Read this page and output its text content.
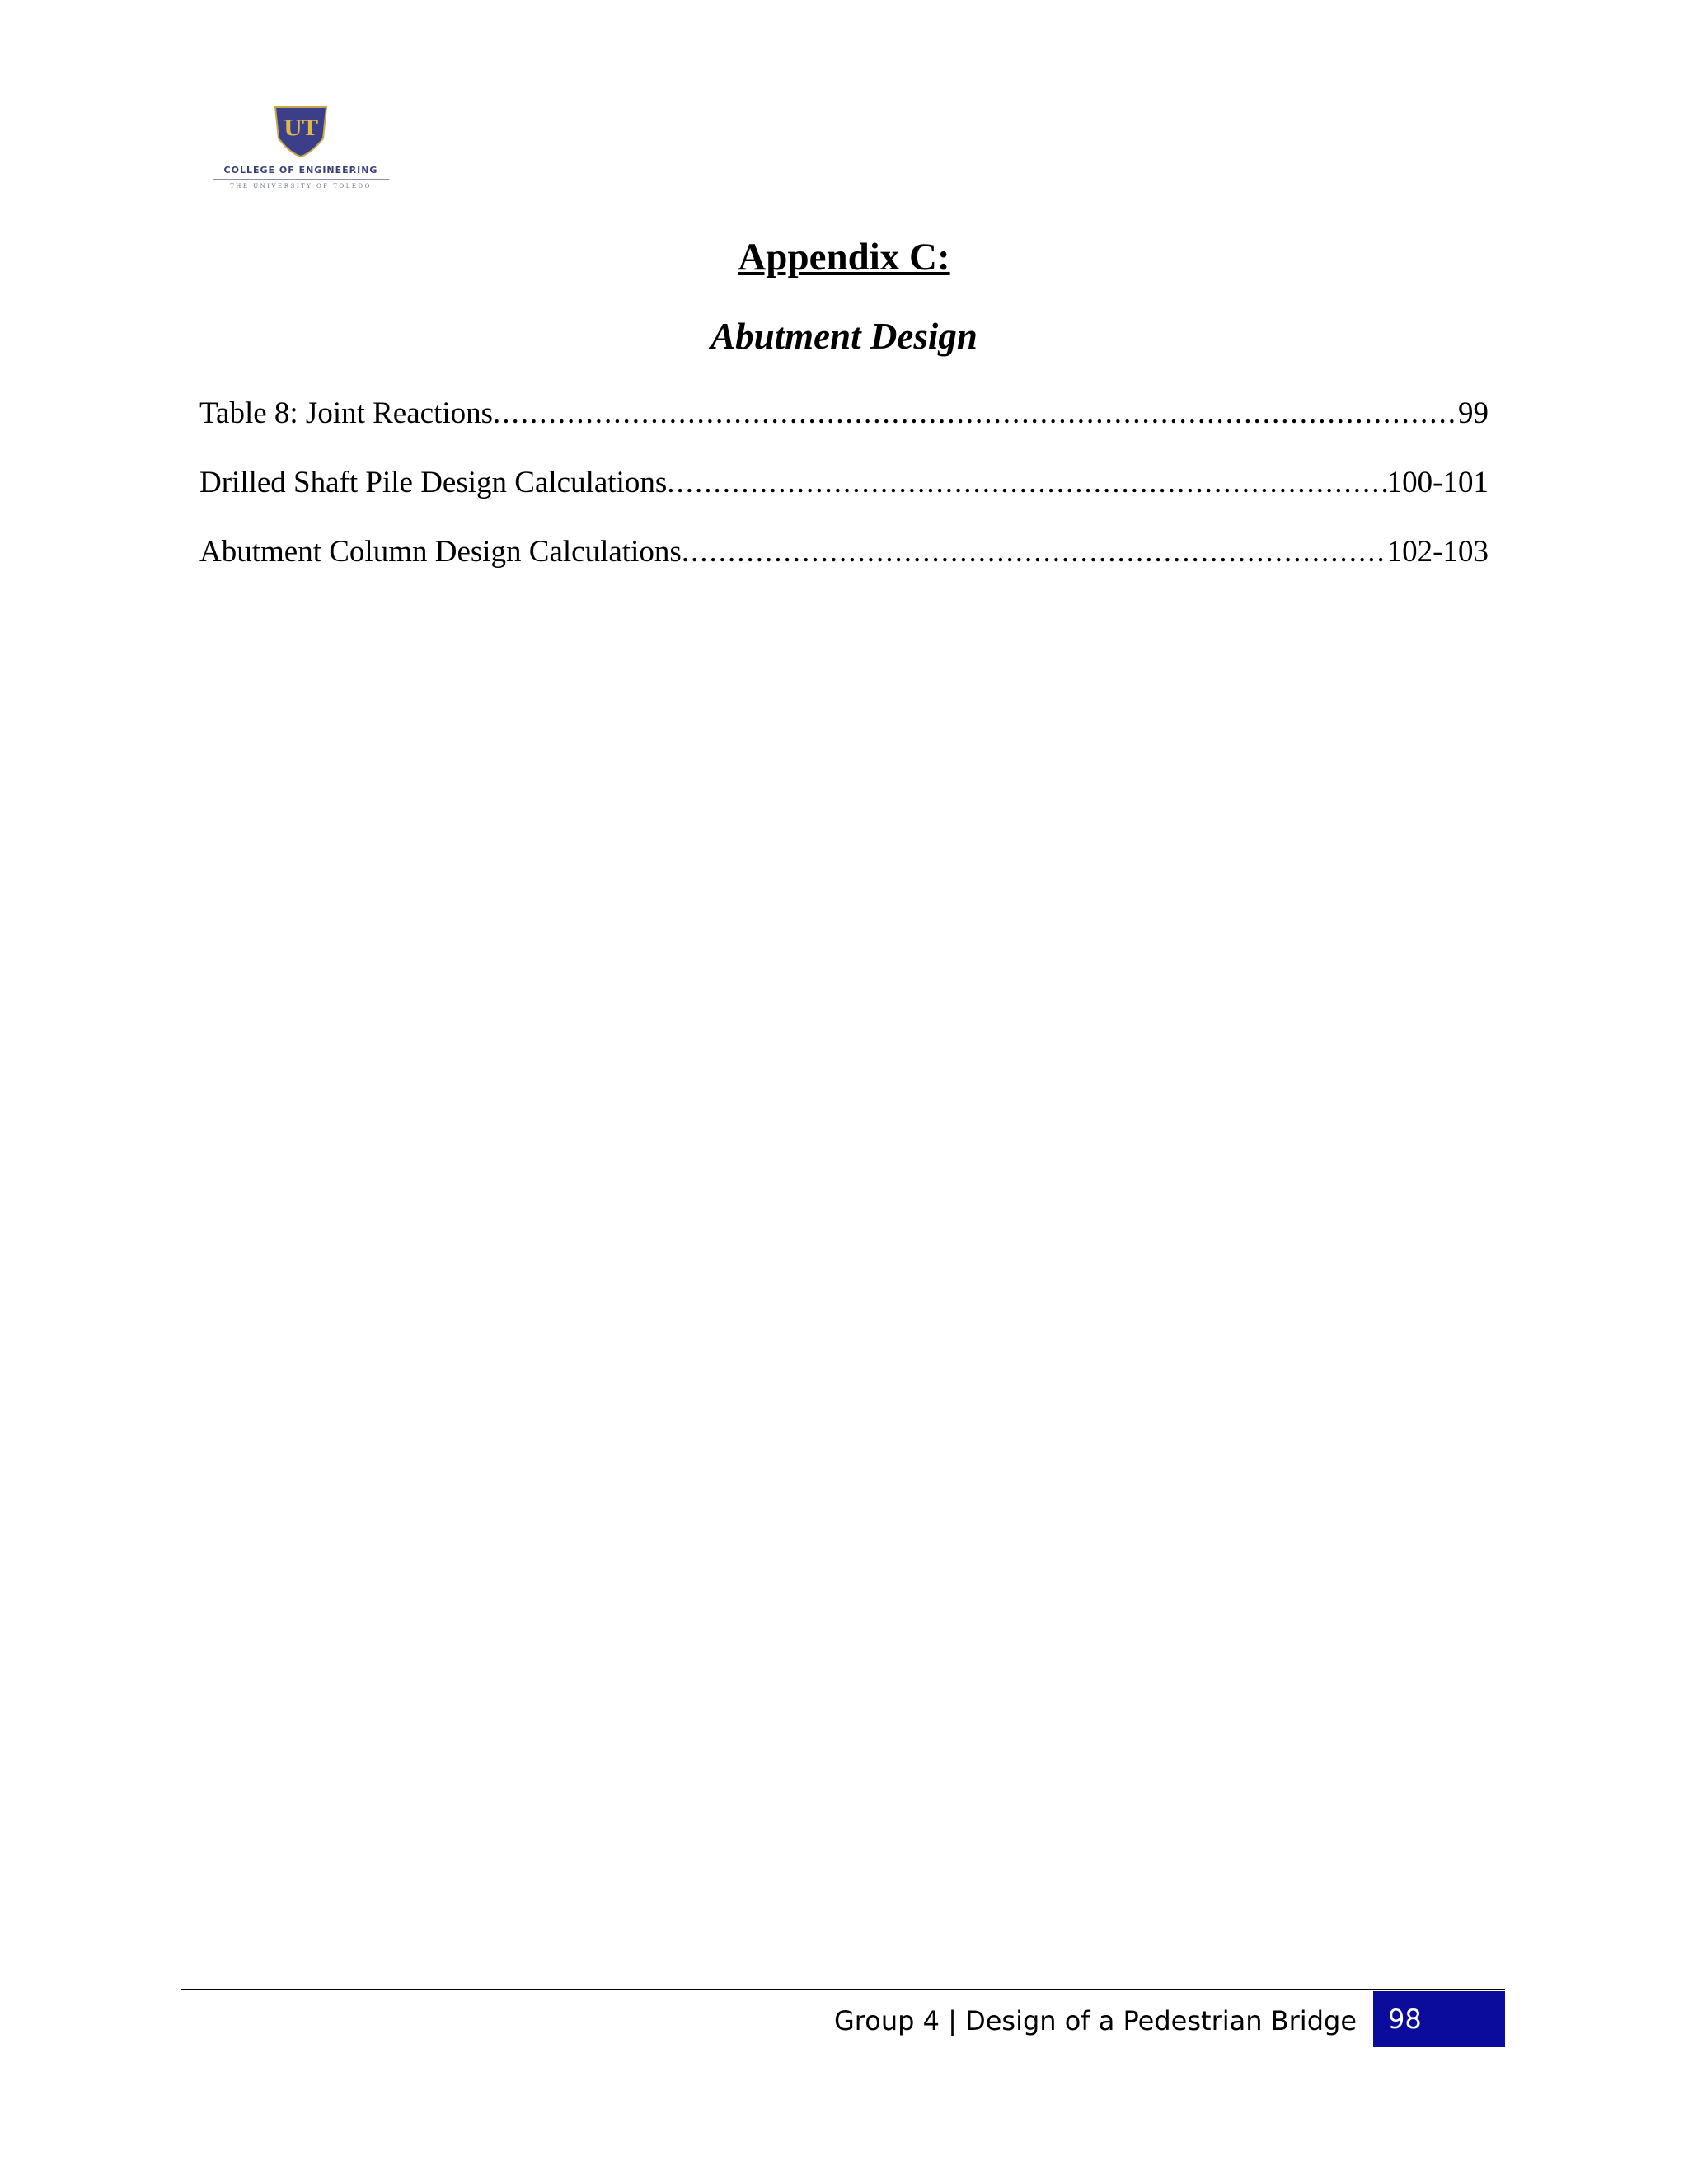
UT
COLLEGE OF ENGINEERING
THE UNIVERSITY OF TOLEDO
Appendix C:
Abutment Design
Table 8: Joint Reactions .....	99
Drilled Shaft Pile Design Calculations .....	100-101
Abutment Column Design Calculations .....	102-103
Group 4 | Design of a Pedestrian Bridge	98
